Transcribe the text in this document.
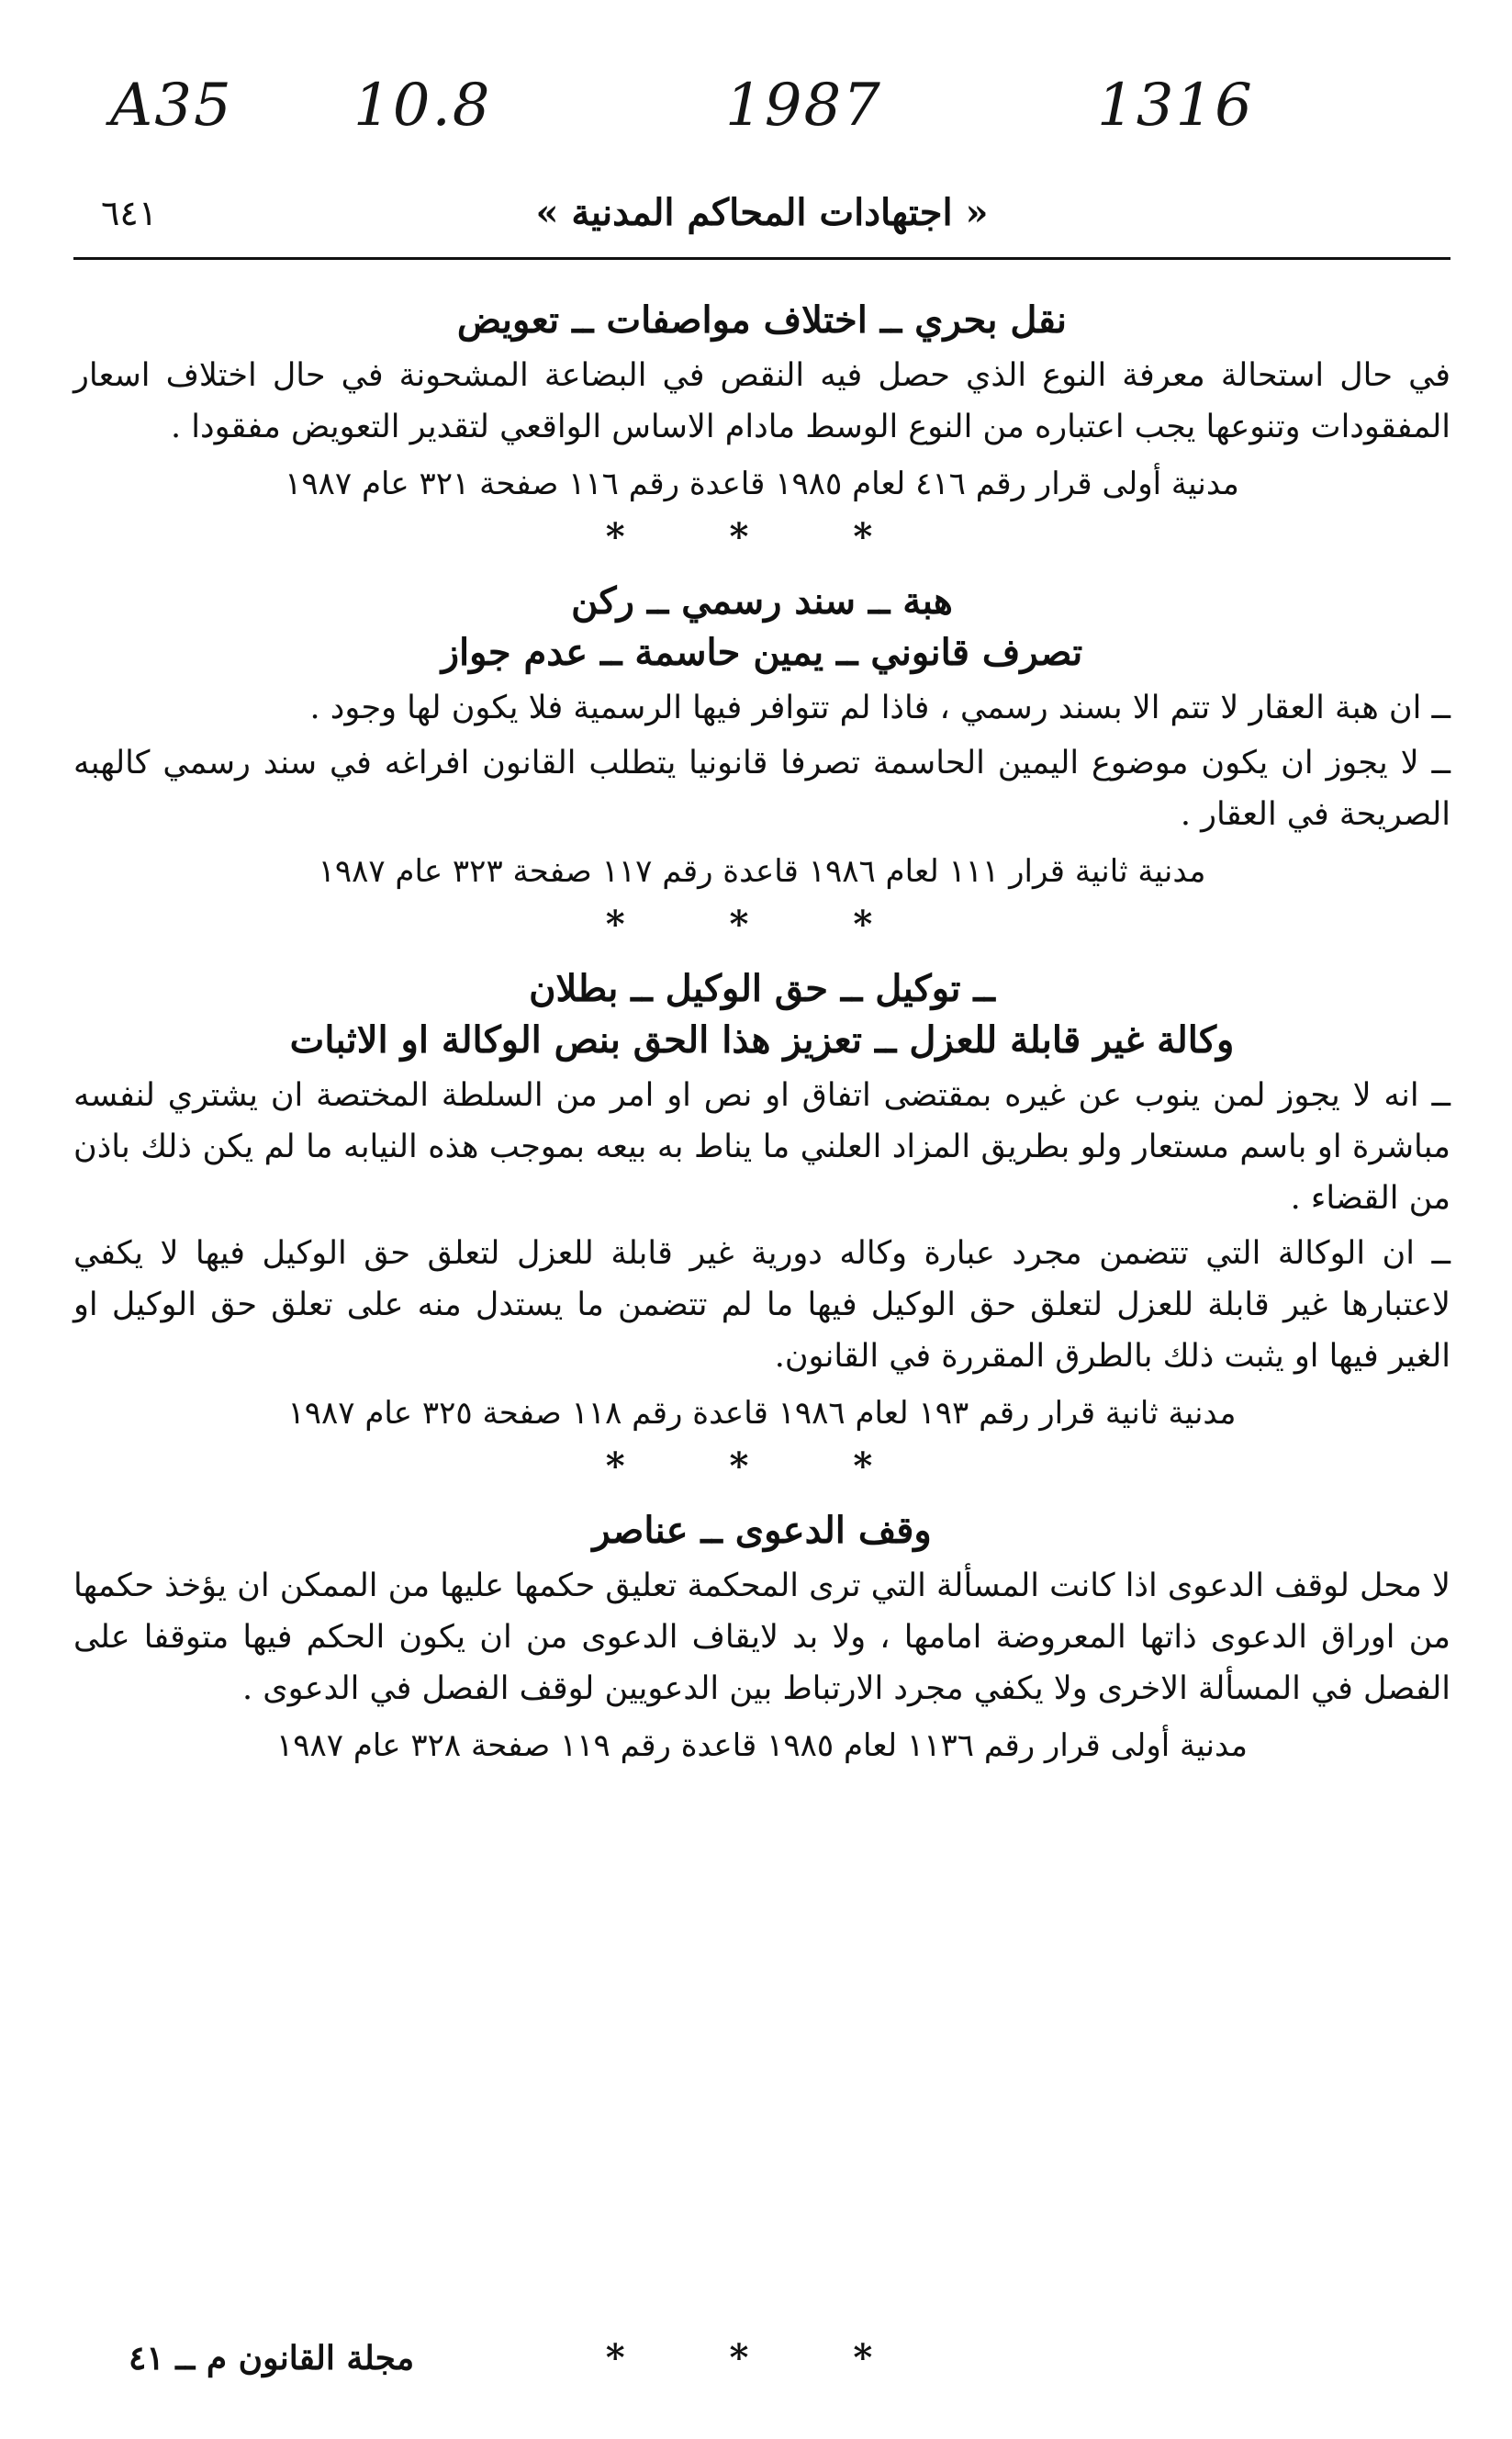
A35 10.8	1987	1316
« اجتهادات المحاكم المدنية »
٦٤١

نقل بحري ــ اختلاف مواصفات ــ تعويض

في حال استحالة معرفة النوع الذي حصل فيه النقص في البضاعة المشحونة في حال اختلاف اسعار المفقودات وتنوعها يجب اعتباره من النوع الوسط مادام الاساس الواقعي لتقدير التعويض مفقودا .

مدنية أولى قرار رقم ٤١٦ لعام ١٩٨٥ قاعدة رقم ١١٦ صفحة ٣٢١ عام ١٩٨٧

* * *

هبة ــ سند رسمي ــ ركن

تصرف قانوني ــ يمين حاسمة ــ عدم جواز

ــ ان هبة العقار لا تتم الا بسند رسمي ، فاذا لم تتوافر فيها الرسمية فلا يكون لها وجود .

ــ لا يجوز ان يكون موضوع اليمين الحاسمة تصرفا قانونيا يتطلب القانون افراغه في سند رسمي كالهبه الصريحة في العقار .

مدنية ثانية قرار ١١١ لعام ١٩٨٦ قاعدة رقم ١١٧ صفحة ٣٢٣ عام ١٩٨٧

* * *

ــ توكيل ــ حق الوكيل ــ بطلان

وكالة غير قابلة للعزل ــ تعزيز هذا الحق بنص الوكالة او الاثبات

ــ انه لا يجوز لمن ينوب عن غيره بمقتضى اتفاق او نص او امر من السلطة المختصة ان يشتري لنفسه مباشرة او باسم مستعار ولو بطريق المزاد العلني ما يناط به بيعه بموجب هذه النيابه ما لم يكن ذلك باذن من القضاء .

ــ ان الوكالة التي تتضمن مجرد عبارة وكاله دورية غير قابلة للعزل لتعلق حق الوكيل فيها لا يكفي لاعتبارها غير قابلة للعزل لتعلق حق الوكيل فيها ما لم تتضمن ما يستدل منه على تعلق حق الوكيل او الغير فيها او يثبت ذلك بالطرق المقررة في القانون.

مدنية ثانية قرار رقم ١٩٣ لعام ١٩٨٦ قاعدة رقم ١١٨ صفحة ٣٢٥ عام ١٩٨٧

* * *

وقف الدعوى ــ عناصر

لا محل لوقف الدعوى اذا كانت المسألة التي ترى المحكمة تعليق حكمها عليها من الممكن ان يؤخذ حكمها من اوراق الدعوى ذاتها المعروضة امامها ، ولا بد لايقاف الدعوى من ان يكون الحكم فيها متوقفا على الفصل في المسألة الاخرى ولا يكفي مجرد الارتباط بين الدعويين لوقف الفصل في الدعوى .

مدنية أولى قرار رقم ١١٣٦ لعام ١٩٨٥ قاعدة رقم ١١٩ صفحة ٣٢٨ عام ١٩٨٧

* * *
مجلة القانون م ــ ٤١
